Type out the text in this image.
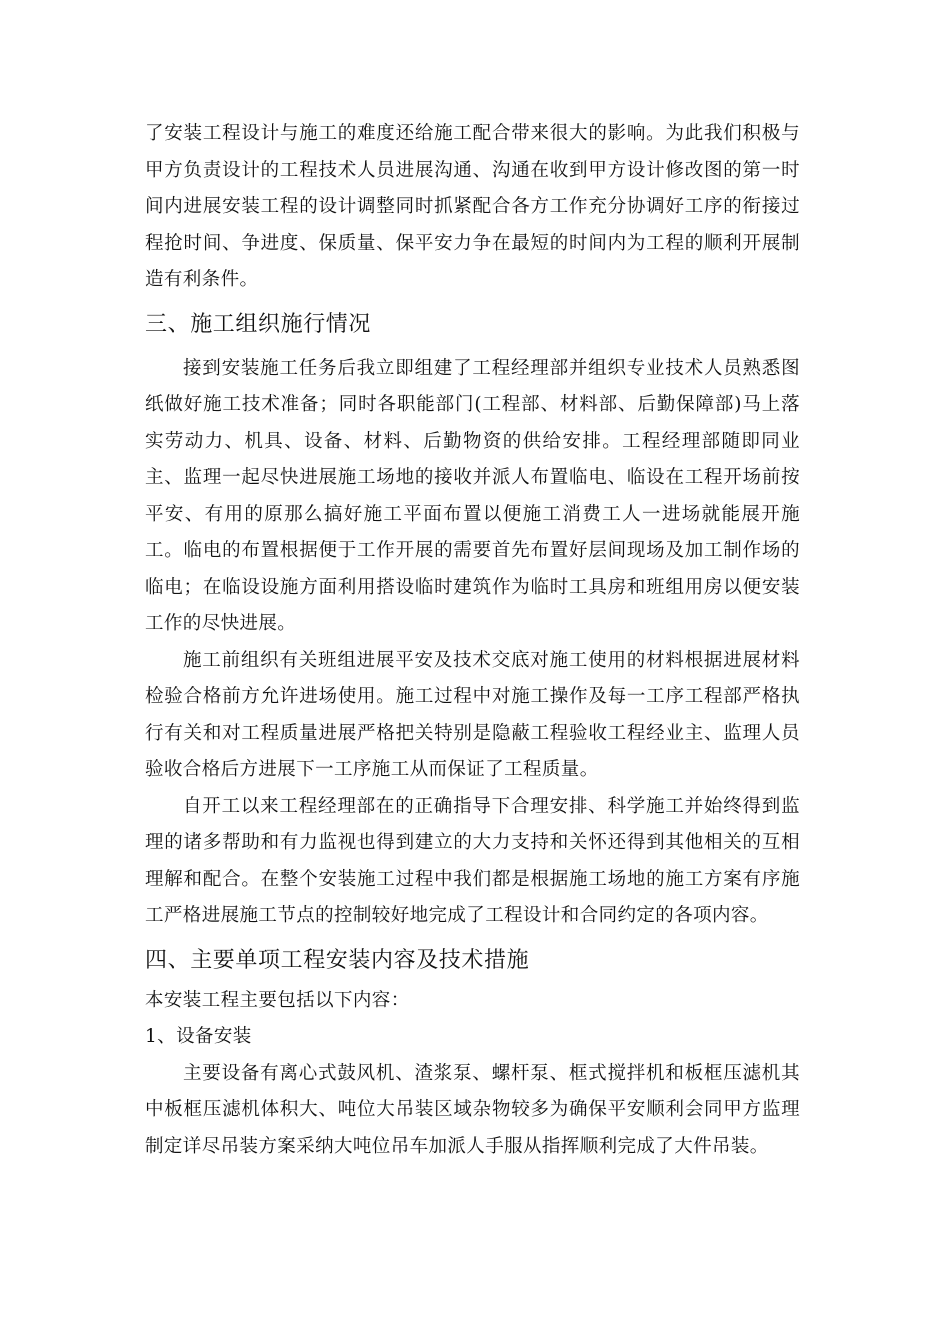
了安装工程设计与施工的难度还给施工配合带来很大的影响。为此我们积极与甲方负责设计的工程技术人员进展沟通、沟通在收到甲方设计修改图的第一时间内进展安装工程的设计调整同时抓紧配合各方工作充分协调好工序的衔接过程抢时间、争进度、保质量、保平安力争在最短的时间内为工程的顺利开展制造有利条件。

三、施工组织施行情况

接到安装施工任务后我立即组建了工程经理部并组织专业技术人员熟悉图纸做好施工技术准备；同时各职能部门(工程部、材料部、后勤保障部)马上落实劳动力、机具、设备、材料、后勤物资的供给安排。工程经理部随即同业主、监理一起尽快进展施工场地的接收并派人布置临电、临设在工程开场前按平安、有用的原那么搞好施工平面布置以便施工消费工人一进场就能展开施工。临电的布置根据便于工作开展的需要首先布置好层间现场及加工制作场的临电；在临设设施方面利用搭设临时建筑作为临时工具房和班组用房以便安装工作的尽快进展。

施工前组织有关班组进展平安及技术交底对施工使用的材料根据进展材料检验合格前方允许进场使用。施工过程中对施工操作及每一工序工程部严格执行有关和对工程质量进展严格把关特别是隐蔽工程验收工程经业主、监理人员验收合格后方进展下一工序施工从而保证了工程质量。

自开工以来工程经理部在的正确指导下合理安排、科学施工并始终得到监理的诸多帮助和有力监视也得到建立的大力支持和关怀还得到其他相关的互相理解和配合。在整个安装施工过程中我们都是根据施工场地的施工方案有序施工严格进展施工节点的控制较好地完成了工程设计和合同约定的各项内容。

四、主要单项工程安装内容及技术措施

本安装工程主要包括以下内容：

1、设备安装

主要设备有离心式鼓风机、渣浆泵、螺杆泵、框式搅拌机和板框压滤机其中板框压滤机体积大、吨位大吊装区域杂物较多为确保平安顺利会同甲方监理制定详尽吊装方案采纳大吨位吊车加派人手服从指挥顺利完成了大件吊装。
